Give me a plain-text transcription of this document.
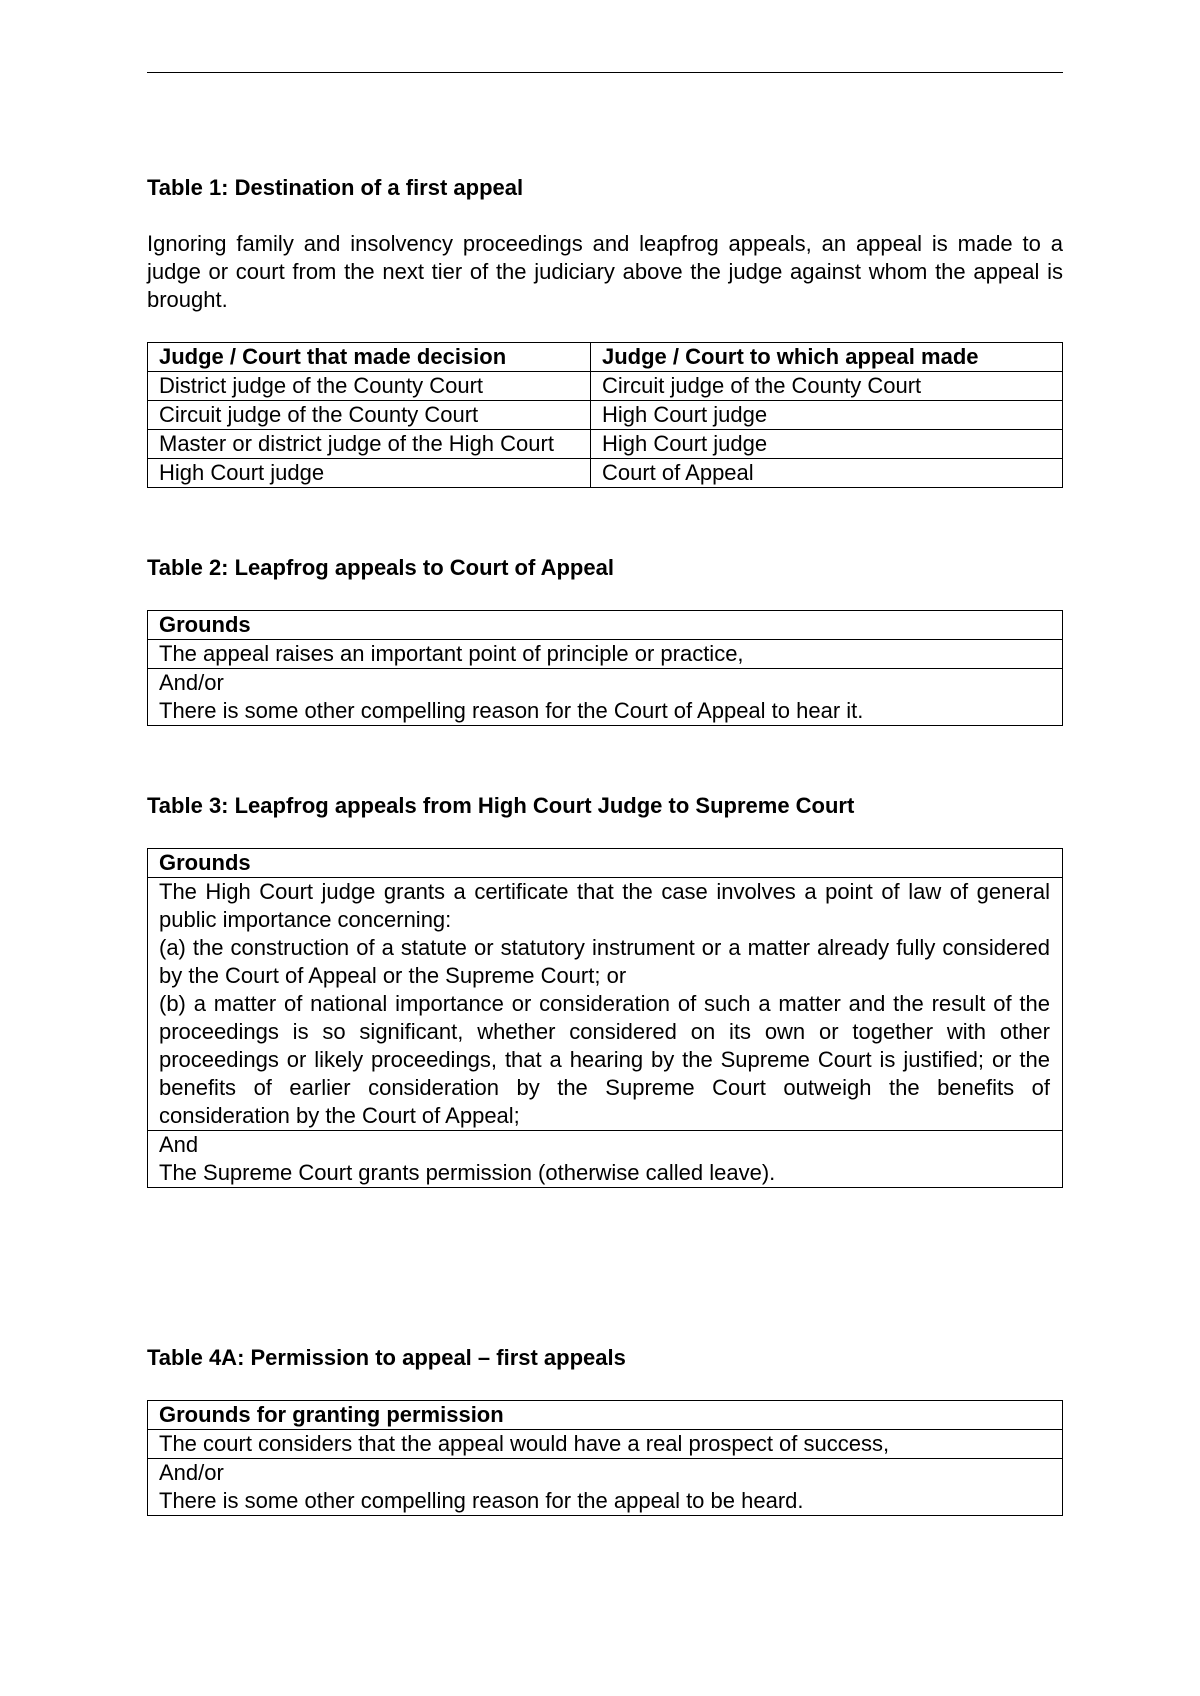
Table 1: Destination of a first appeal

Ignoring family and insolvency proceedings and leapfrog appeals, an appeal is made to a judge or court from the next tier of the judiciary above the judge against whom the appeal is brought.

Judge / Court that made decision	Judge / Court to which appeal made
District judge of the County Court	Circuit judge of the County Court
Circuit judge of the County Court	High Court judge
Master or district judge of the High Court	High Court judge
High Court judge	Court of Appeal

Table 2: Leapfrog appeals to Court of Appeal

Grounds
The appeal raises an important point of principle or practice,

And/or
There is some other compelling reason for the Court of Appeal to hear it.

Table 3: Leapfrog appeals from High Court Judge to Supreme Court

Grounds

The High Court judge grants a certificate that the case involves a point of law of general public importance concerning:
(a) the construction of a statute or statutory instrument or a matter already fully considered by the Court of Appeal or the Supreme Court; or
(b) a matter of national importance or consideration of such a matter and the result of the proceedings is so significant, whether considered on its own or together with other proceedings or likely proceedings, that a hearing by the Supreme Court is justified; or the benefits of earlier consideration by the Supreme Court outweigh the benefits of consideration by the Court of Appeal;

And
The Supreme Court grants permission (otherwise called leave).

Table 4A: Permission to appeal – first appeals

Grounds for granting permission
The court considers that the appeal would have a real prospect of success,

And/or
There is some other compelling reason for the appeal to be heard.
